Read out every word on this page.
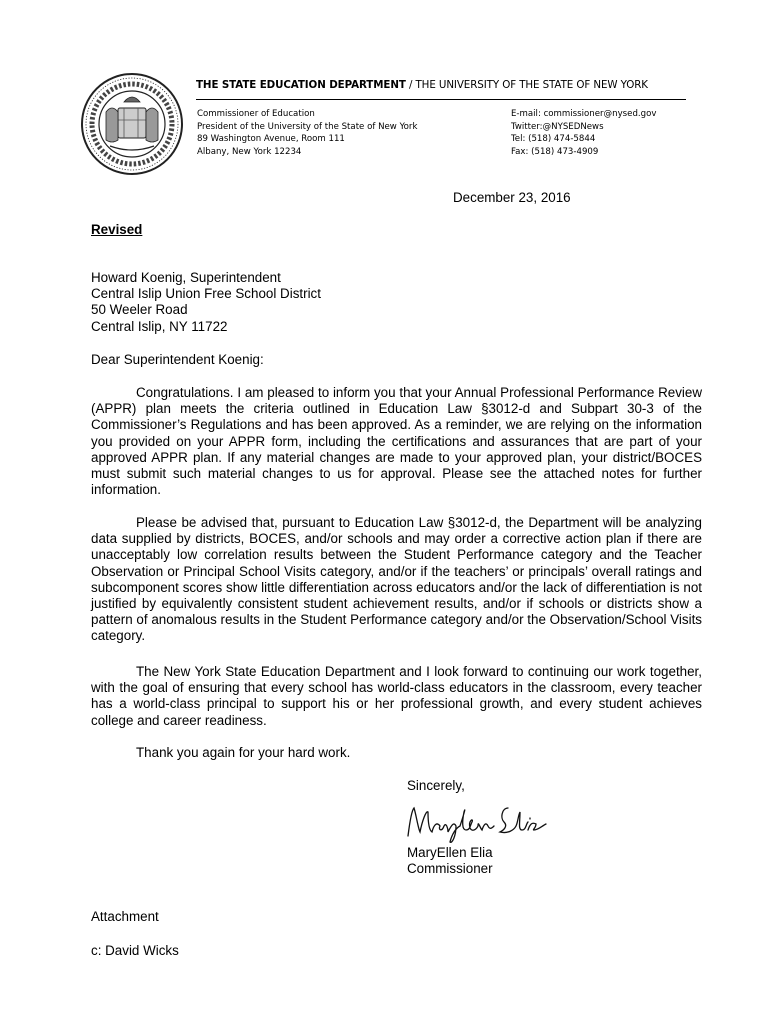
THE STATE EDUCATION DEPARTMENT / THE UNIVERSITY OF THE STATE OF NEW YORK
Commissioner of Education
President of the University of the State of New York
89 Washington Avenue, Room 111
Albany, New York 12234
E-mail: commissioner@nysed.gov
Twitter:@NYSEDNews
Tel: (518) 474-5844
Fax: (518) 473-4909
December 23, 2016
Revised
Howard Koenig, Superintendent
Central Islip Union Free School District
50 Weeler Road
Central Islip, NY 11722
Dear Superintendent Koenig:
Congratulations. I am pleased to inform you that your Annual Professional Performance Review (APPR) plan meets the criteria outlined in Education Law §3012-d and Subpart 30-3 of the Commissioner’s Regulations and has been approved. As a reminder, we are relying on the information you provided on your APPR form, including the certifications and assurances that are part of your approved APPR plan. If any material changes are made to your approved plan, your district/BOCES must submit such material changes to us for approval. Please see the attached notes for further information.
Please be advised that, pursuant to Education Law §3012-d, the Department will be analyzing data supplied by districts, BOCES, and/or schools and may order a corrective action plan if there are unacceptably low correlation results between the Student Performance category and the Teacher Observation or Principal School Visits category, and/or if the teachers’ or principals’ overall ratings and subcomponent scores show little differentiation across educators and/or the lack of differentiation is not justified by equivalently consistent student achievement results, and/or if schools or districts show a pattern of anomalous results in the Student Performance category and/or the Observation/School Visits category.
The New York State Education Department and I look forward to continuing our work together, with the goal of ensuring that every school has world-class educators in the classroom, every teacher has a world-class principal to support his or her professional growth, and every student achieves college and career readiness.
Thank you again for your hard work.
Sincerely,
MaryEllen Elia
Commissioner
Attachment
c: David Wicks
